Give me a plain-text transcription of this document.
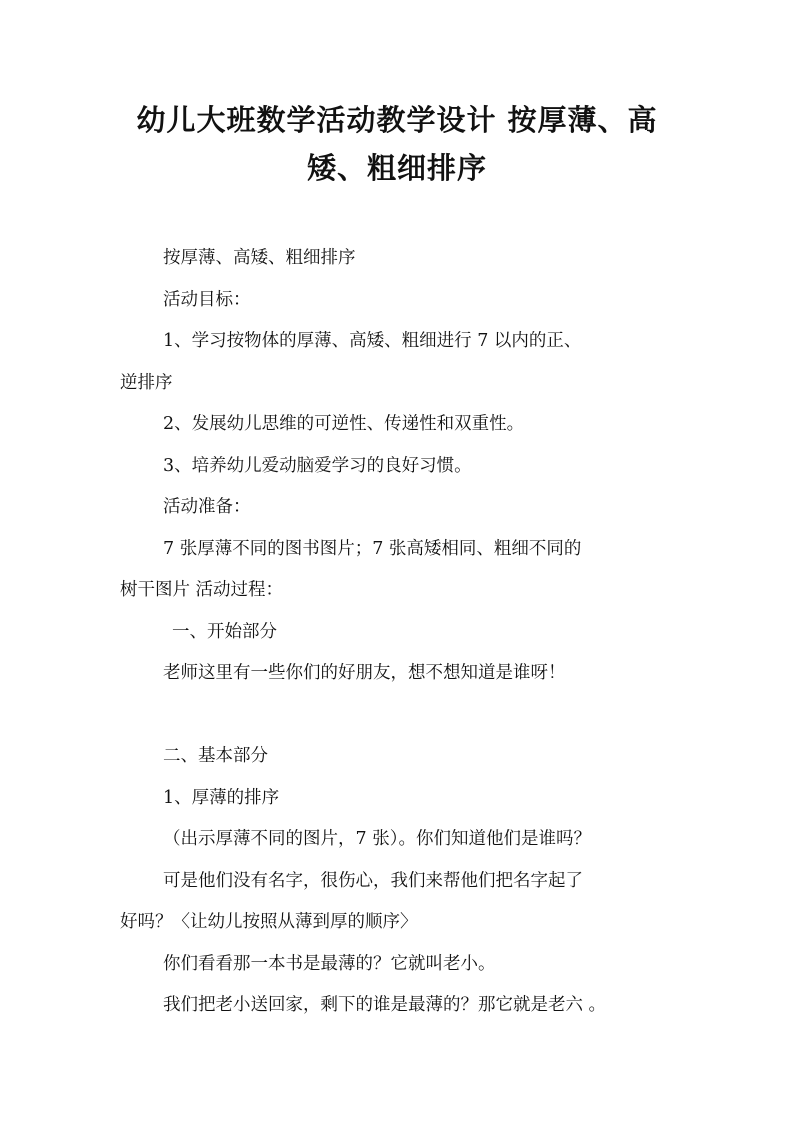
幼儿大班数学活动教学设计 按厚薄、高
矮、粗细排序

按厚薄、高矮、粗细排序

活动目标：

1、学习按物体的厚薄、高矮、粗细进行 7 以内的正、

逆排序

2、发展幼儿思维的可逆性、传递性和双重性。

3、培养幼儿爱动脑爱学习的良好习惯。

活动准备：

7 张厚薄不同的图书图片；7 张高矮相同、粗细不同的

树干图片 活动过程：

一、开始部分

老师这里有一些你们的好朋友，想不想知道是谁呀！

二、基本部分

1、厚薄的排序

（出示厚薄不同的图片，7 张）。你们知道他们是谁吗？

可是他们没有名字，很伤心，我们来帮他们把名字起了

好吗？〈让幼儿按照从薄到厚的顺序〉

你们看看那一本书是最薄的？它就叫老小。

我们把老小送回家，剩下的谁是最薄的？那它就是老六 。
